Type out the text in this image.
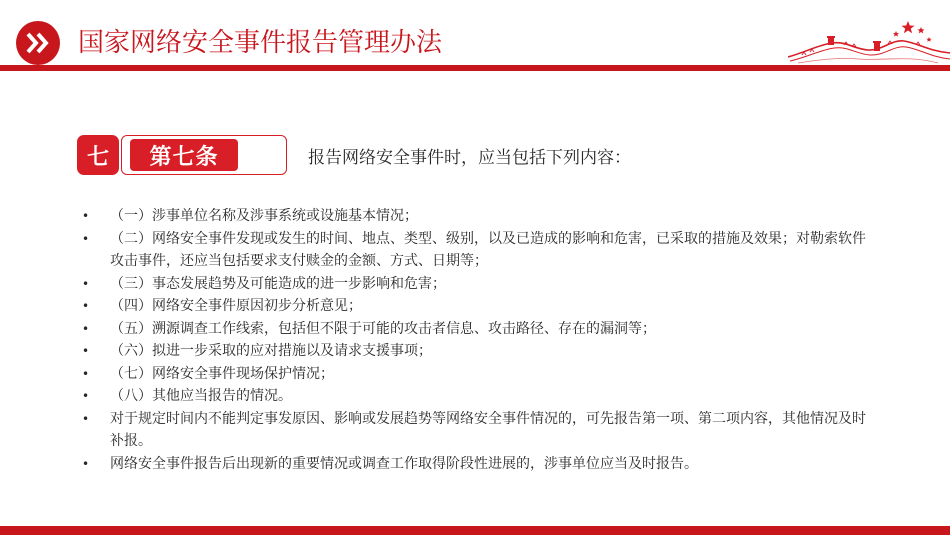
国家网络安全事件报告管理办法
七	第七条	报告网络安全事件时，应当包括下列内容：
• （一）涉事单位名称及涉事系统或设施基本情况；
• （二）网络安全事件发现或发生的时间、地点、类型、级别，以及已造成的影响和危害，已采取的措施及效果；对勒索软件攻击事件，还应当包括要求支付赎金的金额、方式、日期等；
• （三）事态发展趋势及可能造成的进一步影响和危害；
• （四）网络安全事件原因初步分析意见；
• （五）溯源调查工作线索，包括但不限于可能的攻击者信息、攻击路径、存在的漏洞等；
• （六）拟进一步采取的应对措施以及请求支援事项；
• （七）网络安全事件现场保护情况；
• （八）其他应当报告的情况。
• 对于规定时间内不能判定事发原因、影响或发展趋势等网络安全事件情况的，可先报告第一项、第二项内容，其他情况及时补报。
• 网络安全事件报告后出现新的重要情况或调查工作取得阶段性进展的，涉事单位应当及时报告。
